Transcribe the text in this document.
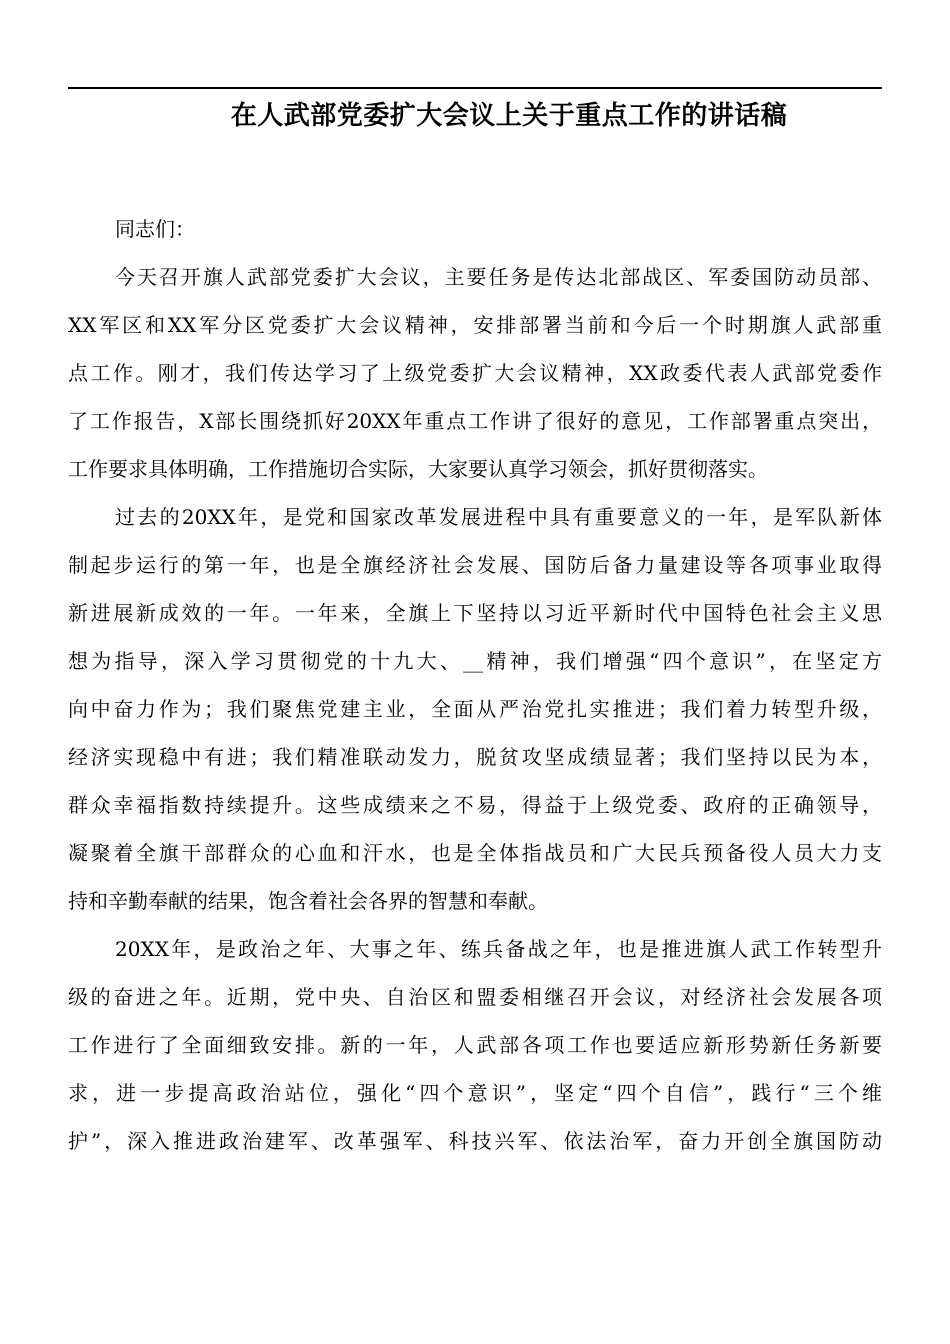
在人武部党委扩大会议上关于重点工作的讲话稿

同志们：

今天召开旗人武部党委扩大会议，主要任务是传达北部战区、军委国防动员部、
XX军区和XX军分区党委扩大会议精神，安排部署当前和今后一个时期旗人武部重
点工作。刚才，我们传达学习了上级党委扩大会议精神，XX政委代表人武部党委作
了工作报告，X部长围绕抓好20XX年重点工作讲了很好的意见，工作部署重点突出，
工作要求具体明确，工作措施切合实际，大家要认真学习领会，抓好贯彻落实。
过去的20XX年，是党和国家改革发展进程中具有重要意义的一年，是军队新体
制起步运行的第一年，也是全旗经济社会发展、国防后备力量建设等各项事业取得
新进展新成效的一年。一年来，全旗上下坚持以习近平新时代中国特色社会主义思
想为指导，深入学习贯彻党的十九大、__精神，我们增强“四个意识”，在坚定方
向中奋力作为；我们聚焦党建主业，全面从严治党扎实推进；我们着力转型升级，
经济实现稳中有进；我们精准联动发力，脱贫攻坚成绩显著；我们坚持以民为本，
群众幸福指数持续提升。这些成绩来之不易，得益于上级党委、政府的正确领导，
凝聚着全旗干部群众的心血和汗水，也是全体指战员和广大民兵预备役人员大力支
持和辛勤奉献的结果，饱含着社会各界的智慧和奉献。
20XX年，是政治之年、大事之年、练兵备战之年，也是推进旗人武工作转型升
级的奋进之年。近期，党中央、自治区和盟委相继召开会议，对经济社会发展各项
工作进行了全面细致安排。新的一年，人武部各项工作也要适应新形势新任务新要
求，进一步提高政治站位，强化“四个意识”，坚定“四个自信”，践行“三个维
护”，深入推进政治建军、改革强军、科技兴军、依法治军，奋力开创全旗国防动
